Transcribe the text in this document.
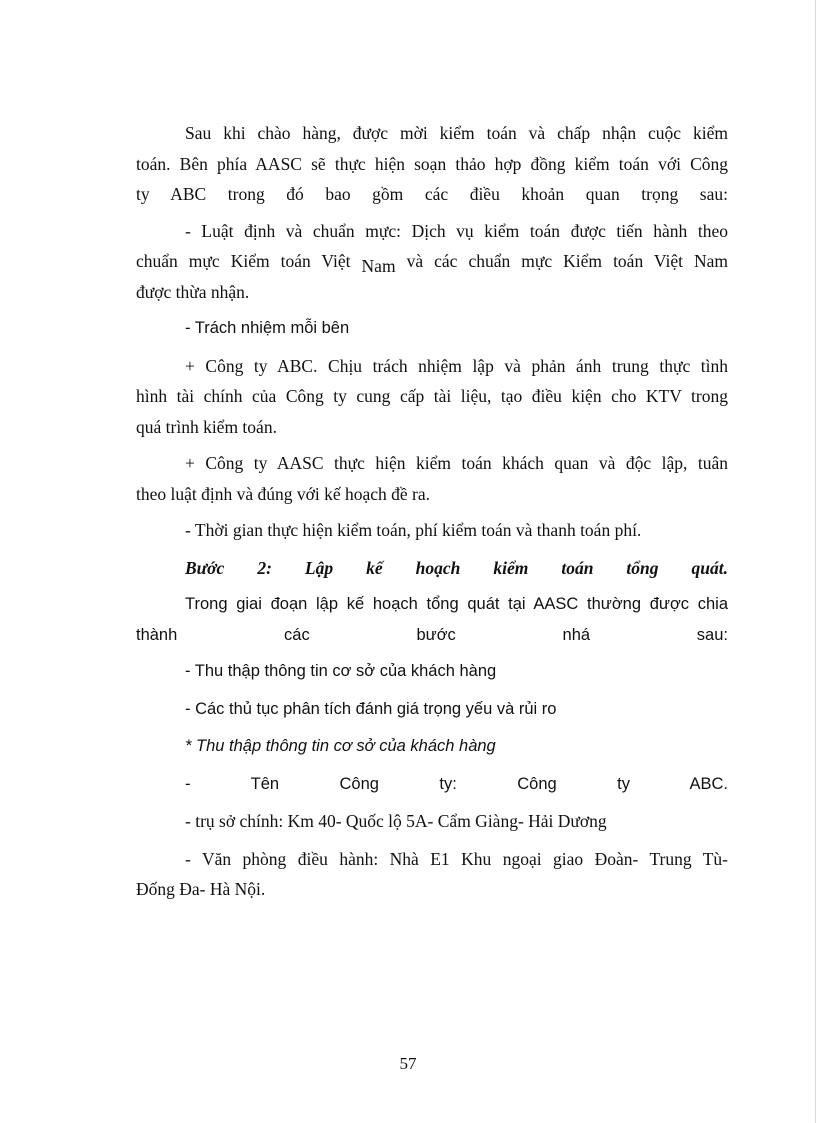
Sau khi chào hàng, được mời kiểm toán và chấp nhận cuộc kiểm
toán. Bên phía AASC sẽ thực hiện soạn thảo hợp đồng kiểm toán với Công
ty ABC trong đó bao gồm các điều khoản quan trọng sau:
- Luật định và chuẩn mực: Dịch vụ kiểm toán được tiến hành theo
chuẩn mực Kiểm toán Việt Nam và các chuẩn mực Kiểm toán Việt Nam
được thừa nhận.
- Trách nhiệm mỗi bên
+ Công ty ABC. Chịu trách nhiệm lập và phản ánh trung thực tình
hình tài chính của Công ty cung cấp tài liệu, tạo điều kiện cho KTV trong
quá trình kiểm toán.
+ Công ty AASC thực hiện kiểm toán khách quan và độc lập, tuân
theo luật định và đúng với kế hoạch đề ra.
- Thời gian thực hiện kiểm toán, phí kiểm toán và thanh toán phí.
Bước 2: Lập kế hoạch kiểm toán tổng quát.
Trong giai đoạn lập kế hoạch tổng quát tại AASC thường được chia
thành các bước nhá sau:
- Thu thập thông tin cơ sở của khách hàng
- Các thủ tục phân tích đánh giá trọng yếu và rủi ro
* Thu thập thông tin cơ sở của khách hàng
- Tên Công ty: Công ty ABC.
- trụ sở chính: Km 40- Quốc lộ 5A- Cẩm Giàng- Hải Dương
- Văn phòng điều hành: Nhà E1 Khu ngoại giao Đoàn- Trung Tù-
Đống Đa- Hà Nội.
57
